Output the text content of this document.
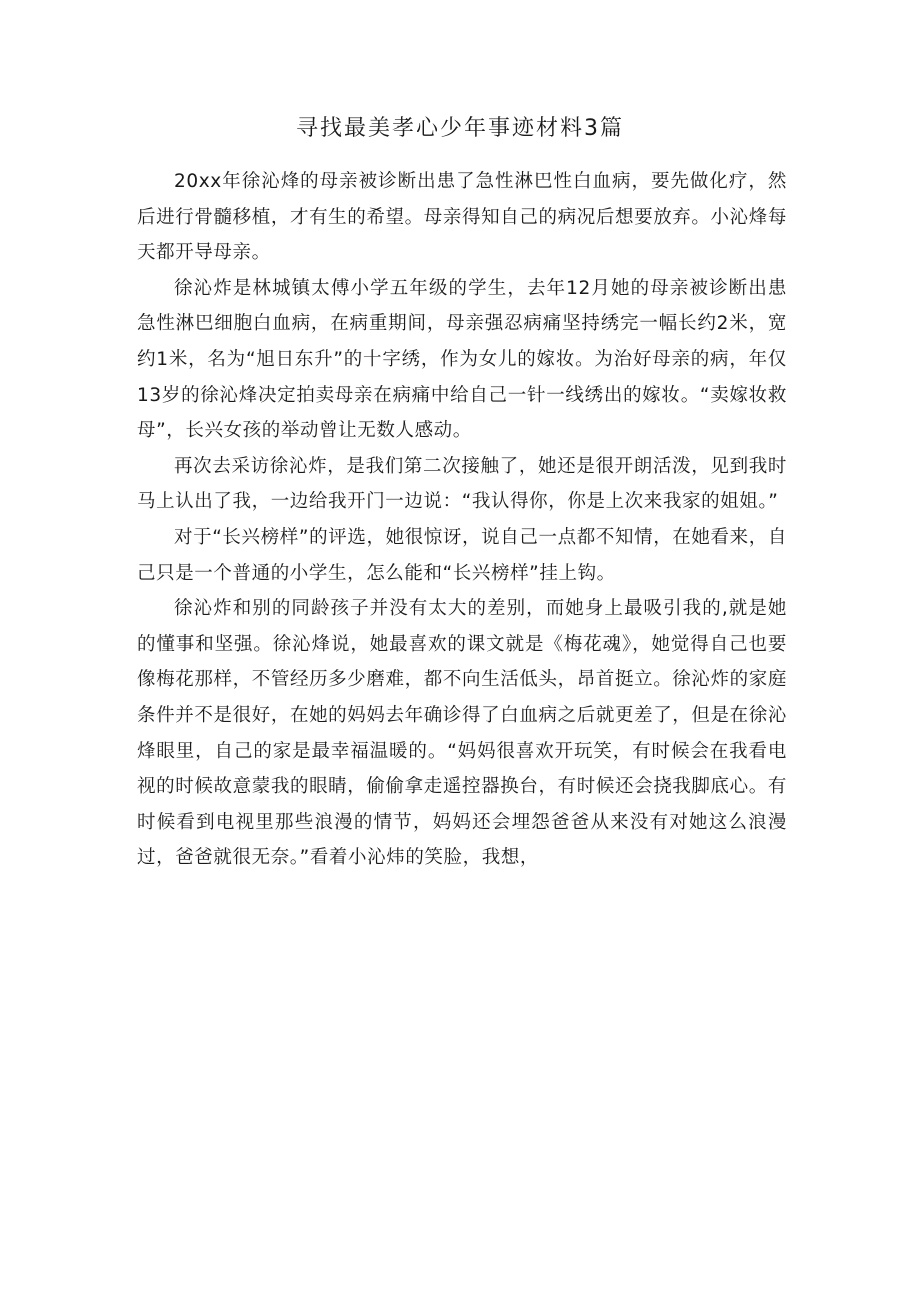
寻找最美孝心少年事迹材料3篇

20xx年徐沁烽的母亲被诊断出患了急性淋巴性白血病，要先做化疗，然后进行骨髓移植，才有生的希望。母亲得知自己的病况后想要放弃。小沁烽每天都开导母亲。

徐沁炸是林城镇太傅小学五年级的学生，去年12月她的母亲被诊断出患急性淋巴细胞白血病，在病重期间，母亲强忍病痛坚持绣完一幅长约2米，宽约1米，名为“旭日东升”的十字绣，作为女儿的嫁妆。为治好母亲的病，年仅13岁的徐沁烽决定拍卖母亲在病痛中给自己一针一线绣出的嫁妆。“卖嫁妆救母”，长兴女孩的举动曾让无数人感动。

再次去采访徐沁炸，是我们第二次接触了，她还是很开朗活泼，见到我时马上认出了我，一边给我开门一边说：“我认得你，你是上次来我家的姐姐。”

对于“长兴榜样”的评选，她很惊讶，说自己一点都不知情，在她看来，自己只是一个普通的小学生，怎么能和“长兴榜样”挂上钩。

徐沁炸和别的同龄孩子并没有太大的差别，而她身上最吸引我的,就是她的懂事和坚强。徐沁烽说，她最喜欢的课文就是《梅花魂》，她觉得自己也要像梅花那样，不管经历多少磨难，都不向生活低头，昂首挺立。徐沁炸的家庭条件并不是很好，在她的妈妈去年确诊得了白血病之后就更差了，但是在徐沁烽眼里，自己的家是最幸福温暖的。“妈妈很喜欢开玩笑，有时候会在我看电视的时候故意蒙我的眼睛，偷偷拿走遥控器换台，有时候还会挠我脚底心。有时候看到电视里那些浪漫的情节，妈妈还会埋怨爸爸从来没有对她这么浪漫过，爸爸就很无奈。”看着小沁炜的笑脸，我想，
